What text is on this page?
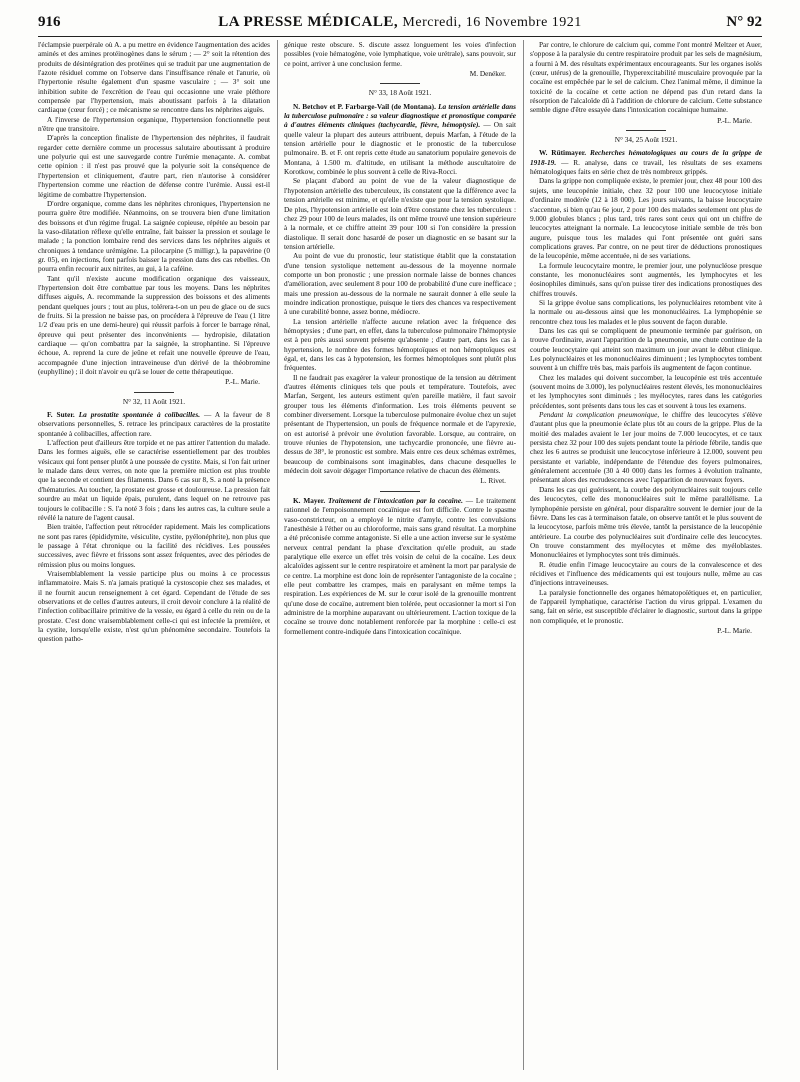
916	LA PRESSE MÉDICALE, Mercredi, 16 Novembre 1921	N° 92

l'éclampsie puerpérale où A. a pu mettre en évidence l'augmentation des acides aminés et des amines protéinogènes dans le sérum ; — 2° soit la rétention des produits de désintégration des protéines qui se traduit par une augmentation de l'azote résiduel comme on l'observe dans l'insuffisance rénale et l'anurie, où l'hypertonie résulte également d'un spasme vasculaire ; — 3° soit une inhibition subite de l'excrétion de l'eau qui occasionne une vraie pléthore compensée par l'hypertension, mais aboutissant parfois à la dilatation cardiaque (cœur forcé) ; ce mécanisme se rencontre dans les néphrites aiguës.

A l'inverse de l'hypertension organique, l'hypertension fonctionnelle peut n'être que transitoire.

D'après la conception finaliste de l'hypertension des néphrites, il faudrait regarder cette dernière comme un processus salutaire aboutissant à produire une polyurie qui est une sauvegarde contre l'urémie menaçante. A. combat cette opinion : il n'est pas prouvé que la polyurie soit la conséquence de l'hypertension et cliniquement, d'autre part, rien n'autorise à considérer l'hypertension comme une réaction de défense contre l'urémie. Aussi est-il légitime de combattre l'hypertension.

D'ordre organique, comme dans les néphrites chroniques, l'hypertension ne pourra guère être modifiée. Néanmoins, on se trouvera bien d'une limitation des boissons et d'un régime frugal. La saignée copieuse, répétée au besoin par la vaso-dilatation réflexe qu'elle entraîne, fait baisser la pression et soulage le malade ; la ponction lombaire rend des services dans les néphrites aiguës et chroniques à tendance urémigène. La pilocarpine (5 milligr.), la papavérine (0 gr. 05), en injections, font parfois baisser la pression dans des cas rebelles. On pourra enfin recourir aux nitrites, au gui, à la caféine.

Tant qu'il n'existe aucune modification organique des vaisseaux, l'hypertension doit être combattue par tous les moyens. Dans les néphrites diffuses aiguës, A. recommande la suppression des boissons et des aliments pendant quelques jours ; tout au plus, tolérera-t-on un peu de glace ou de sucs de fruits. Si la pression ne baisse pas, on procédera à l'épreuve de l'eau (1 litre 1/2 d'eau pris en une demi-heure) qui réussit parfois à forcer le barrage rénal, épreuve qui peut présenter des inconvénients — hydropisie, dilatation cardiaque — qu'on combattra par la saignée, la strophantine. Si l'épreuve échoue, A. reprend la cure de jeûne et refait une nouvelle épreuve de l'eau, accompagnée d'une injection intraveineuse d'un dérivé de la théobromine (euphylline) ; il doit n'avoir eu qu'à se louer de cette thérapeutique.

P.-L. Marie.
N° 32, 11 Août 1921.

F. Suter. La prostatite spontanée à colibacilles. — A la faveur de 8 observations personnelles, S. retrace les principaux caractères de la prostatite spontanée à colibacilles, affection rare.

L'affection peut d'ailleurs être torpide et ne pas attirer l'attention du malade. Dans les formes aiguës, elle se caractérise essentiellement par des troubles vésicaux qui font penser plutôt à une poussée de cystite. Mais, si l'on fait uriner le malade dans deux verres, on note que la première miction est plus trouble que la seconde et contient des filaments. Dans 6 cas sur 8, S. a noté la présence d'hématuries. Au toucher, la prostate est grosse et douloureuse. La pression fait sourdre au méat un liquide épais, purulent, dans lequel on ne retrouve pas toujours le colibacille : S. l'a noté 3 fois ; dans les autres cas, la culture seule a révélé la nature de l'agent causal.

Bien traitée, l'affection peut rétrocéder rapidement. Mais les complications ne sont pas rares (épididymite, vésiculite, cystite, pyélonéphrite), non plus que le passage à l'état chronique ou la facilité des récidives. Les poussées successives, avec fièvre et frissons sont assez fréquentes, avec des périodes de rémission plus ou moins longues.

Vraisemblablement la vessie participe plus ou moins à ce processus inflammatoire. Mais S. n'a jamais pratiqué la cystoscopie chez ses malades, et il ne fournit aucun renseignement à cet égard. Cependant de l'étude de ses observations et de celles d'autres auteurs, il croit devoir conclure à la réalité de l'infection colibacillaire primitive de la vessie, eu égard à celle du rein ou de la prostate. C'est donc vraisemblablement celle-ci qui est infectée la première, et la cystite, lorsqu'elle existe, n'est qu'un phénomène secondaire. Toutefois la question patho-

génique reste obscure. S. discute assez longuement les voies d'infection possibles (voie hématogène, voie lymphatique, voie urétrale), sans pouvoir, sur ce point, arriver à une conclusion ferme.

M. Denéker.
N° 33, 18 Août 1921.

N. Betchov et P. Farbarge-Vail (de Montana). La tension artérielle dans la tuberculose pulmonaire : sa valeur diagnostique et pronostique comparée à d'autres éléments cliniques (tachycardie, fièvre, hémoptysie). — On sait quelle valeur la plupart des auteurs attribuent, depuis Marfan, à l'étude de la tension artérielle pour le diagnostic et le pronostic de la tuberculose pulmonaire. B. et F. ont repris cette étude au sanatorium populaire genevois de Montana, à 1.500 m. d'altitude, en utilisant la méthode auscultatoire de Korotkow, combinée le plus souvent à celle de Riva-Rocci.

Se plaçant d'abord au point de vue de la valeur diagnostique de l'hypotension artérielle des tuberculeux, ils constatent que la différence avec la tension artérielle est minime, et qu'elle n'existe que pour la tension systolique. De plus, l'hypotension artérielle est loin d'être constante chez les tuberculeux : chez 29 pour 100 de leurs malades, ils ont même trouvé une tension supérieure à la normale, et ce chiffre atteint 39 pour 100 si l'on considère la pression diastolique. Il serait donc hasardé de poser un diagnostic en se basant sur la tension artérielle.

Au point de vue du pronostic, leur statistique établit que la constatation d'une tension systolique nettement au-dessous de la moyenne normale comporte un bon pronostic ; une pression normale laisse de bonnes chances d'amélioration, avec seulement 8 pour 100 de probabilité d'une cure inefficace ; mais une pression au-dessous de la normale ne saurait donner à elle seule la moindre indication pronostique, puisque le tiers des chances va respectivement à une curabilité bonne, assez bonne, médiocre.

La tension artérielle n'affecte aucune relation avec la fréquence des hémoptysies ; d'une part, en effet, dans la tuberculose pulmonaire l'hémoptysie est à peu près aussi souvent présente qu'absente ; d'autre part, dans les cas à hypertension, le nombre des formes hémoptoïques et non hémoptoïques est égal, et, dans les cas à hypotension, les formes hémoptoïques sont plutôt plus fréquentes.

Il ne faudrait pas exagérer la valeur pronostique de la tension au détriment d'autres éléments cliniques tels que pouls et température. Toutefois, avec Marfan, Sergent, les auteurs estiment qu'en pareille matière, il faut savoir grouper tous les éléments d'information. Les trois éléments peuvent se combiner diversement. Lorsque la tuberculose pulmonaire évolue chez un sujet présentant de l'hypertension, un pouls de fréquence normale et de l'apyrexie, on est autorisé à prévoir une évolution favorable. Lorsque, au contraire, on trouve réunies de l'hypotension, une tachycardie prononcée, une fièvre au-dessus de 38°, le pronostic est sombre. Mais entre ces deux schémas extrêmes, beaucoup de combinaisons sont imaginables, dans chacune desquelles le médecin doit savoir dégager l'importance relative de chacun des éléments.

L. Rivet.

K. Mayer. Traitement de l'intoxication par la cocaïne. — Le traitement rationnel de l'empoisonnement cocaïnique est fort difficile. Contre le spasme vaso-constricteur, on a employé le nitrite d'amyle, contre les convulsions l'anesthésie à l'éther ou au chloroforme, mais sans grand résultat. La morphine a été préconisée comme antagoniste. Si elle a une action inverse sur le système nerveux central pendant la phase d'excitation qu'elle produit, au stade paralytique elle exerce un effet très voisin de celui de la cocaïne. Les deux alcaloïdes agissent sur le centre respiratoire et amènent la mort par paralysie de ce centre. La morphine est donc loin de représenter l'antagoniste de la cocaïne ; elle peut combattre les crampes, mais en paralysant en même temps la respiration. Les expériences de M. sur le cœur isolé de la grenouille montrent qu'une dose de cocaïne, autrement bien tolérée, peut occasionner la mort si l'on administre de la morphine auparavant ou ultérieurement. L'action toxique de la cocaïne se trouve donc notablement renforcée par la morphine : celle-ci est formellement contre-indiquée dans l'intoxication cocaïnique.

Par contre, le chlorure de calcium qui, comme l'ont montré Meltzer et Auer, s'oppose à la paralysie du centre respiratoire produit par les sels de magnésium, a fourni à M. des résultats expérimentaux encourageants. Sur les organes isolés (cœur, utérus) de la grenouille, l'hyperexcitabilité musculaire provoquée par la cocaïne est empêchée par le sel de calcium. Chez l'animal même, il diminue la toxicité de la cocaïne et cette action ne dépend pas d'un retard dans la résorption de l'alcaloïde dû à l'addition de chlorure de calcium. Cette substance semble digne d'être essayée dans l'intoxication cocaïnique humaine.

P.-L. Marie.
N° 34, 25 Août 1921.

W. Rütimayer. Recherches hématologiques au cours de la grippe de 1918-19. — R. analyse, dans ce travail, les résultats de ses examens hématologiques faits en série chez de très nombreux grippés.

Dans la grippe non compliquée existe, le premier jour, chez 48 pour 100 des sujets, une leucopénie initiale, chez 32 pour 100 une leucocytose initiale d'ordinaire modérée (12 à 18 000). Les jours suivants, la baisse leucocytaire s'accentue, si bien qu'au 6e jour, 2 pour 100 des malades seulement ont plus de 9.000 globules blancs ; plus tard, très rares sont ceux qui ont un chiffre de leucocytes atteignant la normale. La leucocytose initiale semble de très bon augure, puisque tous les malades qui l'ont présentée ont guéri sans complications graves. Par contre, on ne peut tirer de déductions pronostiques de la leucopénie, même accentuée, ni de ses variations.

La formule leucocytaire montre, le premier jour, une polynucléose presque constante, les mononucléaires sont augmentés, les lymphocytes et les éosinophiles diminués, sans qu'on puisse tirer des indications pronostiques des chiffres trouvés.

Si la grippe évolue sans complications, les polynucléaires retombent vite à la normale ou au-dessous ainsi que les mononucléaires. La lymphopénie se rencontre chez tous les malades et le plus souvent de façon durable.

Dans les cas qui se compliquent de pneumonie terminée par guérison, on trouve d'ordinaire, avant l'apparition de la pneumonie, une chute continue de la courbe leucocytaire qui atteint son maximum un jour avant le début clinique. Les polynucléaires et les mononucléaires diminuent ; les lymphocytes tombent souvent à un chiffre très bas, mais parfois ils augmentent de façon continue.

Chez les malades qui doivent succomber, la leucopénie est très accentuée (souvent moins de 3.000), les polynucléaires restent élevés, les mononucléaires et les lymphocytes sont diminués ; les myélocytes, rares dans les catégories précédentes, sont présents dans tous les cas et souvent à tous les examens.

Pendant la complication pneumonique, le chiffre des leucocytes s'élève d'autant plus que la pneumonie éclate plus tôt au cours de la grippe. Plus de la moitié des malades avaient le 1er jour moins de 7.000 leucocytes, et ce taux persista chez 32 pour 100 des sujets pendant toute la période fébrile, tandis que chez les 6 autres se produisit une leucocytose inférieure à 12.000, souvent peu persistante et variable, indépendante de l'étendue des foyers pulmonaires, généralement accentuée (30 à 40 000) dans les formes à évolution traînante, présentant alors des recrudescences avec l'apparition de nouveaux foyers.

Dans les cas qui guérissent, la courbe des polynucléaires suit toujours celle des leucocytes, celle des mononucléaires suit le même parallélisme. La lymphopénie persiste en général, pour disparaître souvent le dernier jour de la fièvre. Dans les cas à terminaison fatale, on observe tantôt et le plus souvent de la leucocytose, parfois même très élevée, tantôt la persistance de la leucopénie antérieure. La courbe des polynucléaires suit d'ordinaire celle des leucocytes. On trouve constamment des myélocytes et même des myéloblastes. Mononucléaires et lymphocytes sont très diminués.

R. étudie enfin l'image leucocytaire au cours de la convalescence et des récidives et l'influence des médicaments qui est toujours nulle, même au cas d'injections intraveineuses.

La paralysie fonctionnelle des organes hématopoïétiques et, en particulier, de l'appareil lymphatique, caractérise l'action du virus grippal. L'examen du sang, fait en série, est susceptible d'éclairer le diagnostic, surtout dans la grippe non compliquée, et le pronostic.

P.-L. Marie.
